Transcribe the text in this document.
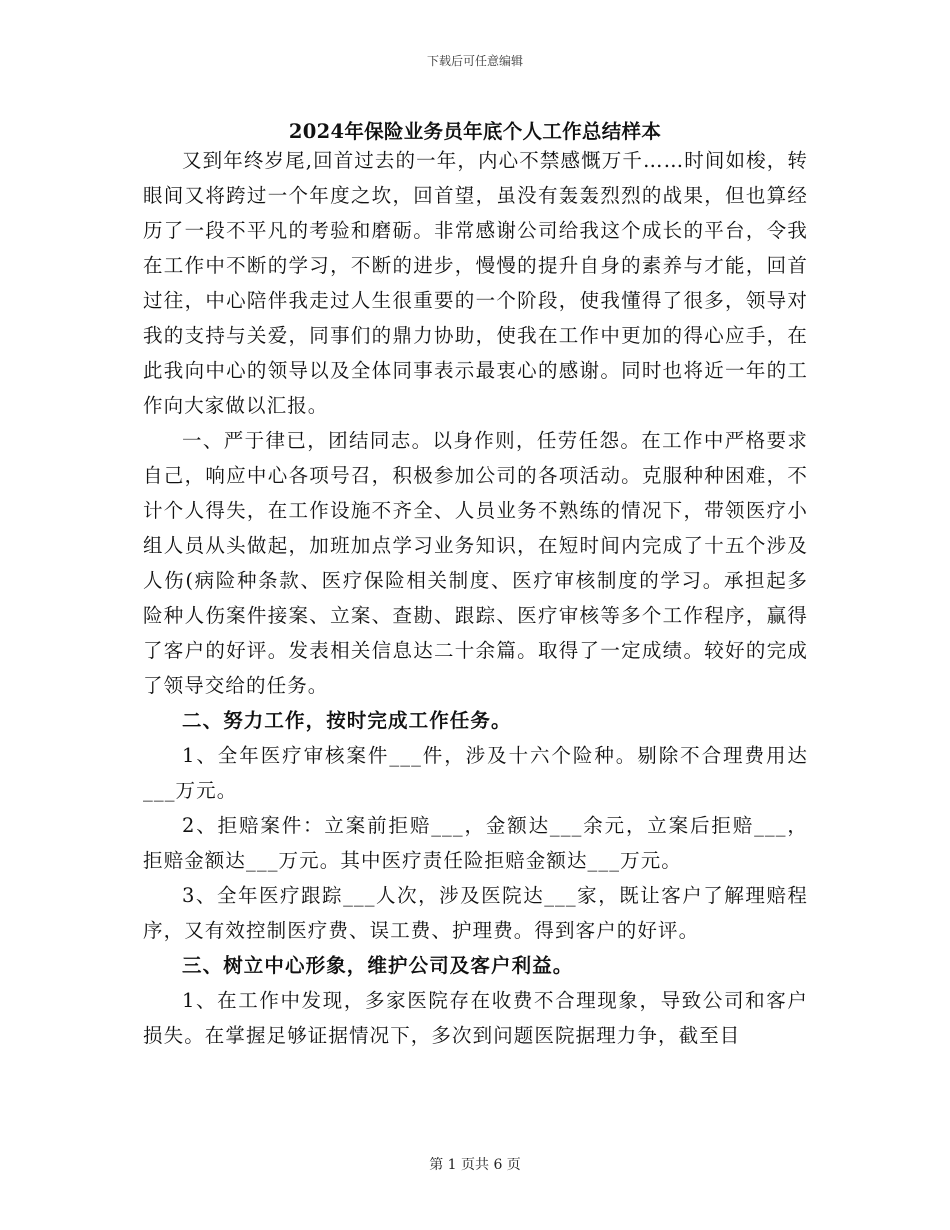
下载后可任意编辑
2024年保险业务员年底个人工作总结样本

又到年终岁尾,回首过去的一年，内心不禁感慨万千……时间如梭，转眼间又将跨过一个年度之坎，回首望，虽没有轰轰烈烈的战果，但也算经历了一段不平凡的考验和磨砺。非常感谢公司给我这个成长的平台，令我在工作中不断的学习，不断的进步，慢慢的提升自身的素养与才能，回首过往，中心陪伴我走过人生很重要的一个阶段，使我懂得了很多，领导对我的支持与关爱，同事们的鼎力协助，使我在工作中更加的得心应手，在此我向中心的领导以及全体同事表示最衷心的感谢。同时也将近一年的工作向大家做以汇报。

一、严于律已，团结同志。以身作则，任劳任怨。在工作中严格要求自己，响应中心各项号召，积极参加公司的各项活动。克服种种困难，不计个人得失，在工作设施不齐全、人员业务不熟练的情况下，带领医疗小组人员从头做起，加班加点学习业务知识，在短时间内完成了十五个涉及人伤(病险种条款、医疗保险相关制度、医疗审核制度的学习。承担起多险种人伤案件接案、立案、查勘、跟踪、医疗审核等多个工作程序，赢得了客户的好评。发表相关信息达二十余篇。取得了一定成绩。较好的完成了领导交给的任务。

二、努力工作，按时完成工作任务。

1、全年医疗审核案件___件，涉及十六个险种。剔除不合理费用达___万元。

2、拒赔案件：立案前拒赔___，金额达___余元，立案后拒赔___，拒赔金额达___万元。其中医疗责任险拒赔金额达___万元。

3、全年医疗跟踪___人次，涉及医院达___家，既让客户了解理赔程序，又有效控制医疗费、误工费、护理费。得到客户的好评。

三、树立中心形象，维护公司及客户利益。

1、在工作中发现，多家医院存在收费不合理现象，导致公司和客户损失。在掌握足够证据情况下，多次到问题医院据理力争，截至目

第 1 页共 6 页
